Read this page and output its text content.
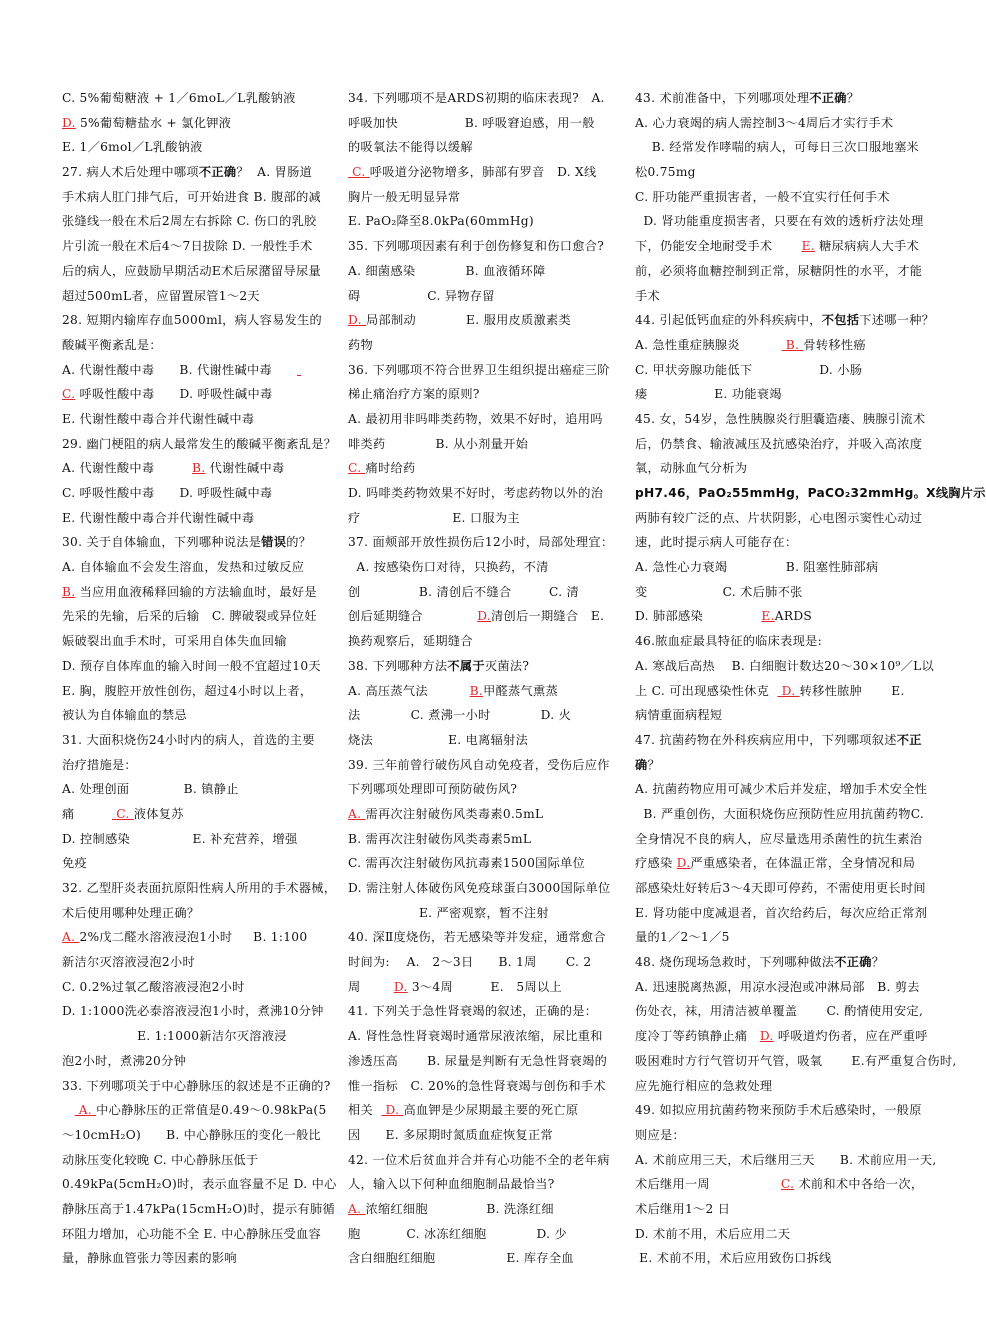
C. 5%葡萄糖液 + 1／6moL／L乳酸钠液
D. 5%葡萄糖盐水 + 氯化钾液
E. 1／6mol／L乳酸钠液
27. 病人术后处理中哪项不正确？  A. 胃肠道
手术病人肛门排气后，可开始进食 B. 腹部的减
张缝线一般在术后2周左右拆除 C. 伤口的乳胶
片引流一般在术后4～7日拔除 D. 一般性手术
后的病人，应鼓励早期活动E术后尿潴留导尿量
超过500mL者，应留置尿管1～2天
28. 短期内输库存血5000ml，病人容易发生的
酸碱平衡紊乱是：
A. 代谢性酸中毒      B. 代谢性碱中毒
C. 呼吸性酸中毒      D. 呼吸性碱中毒
E. 代谢性酸中毒合并代谢性碱中毒
29. 幽门梗阻的病人最常发生的酸碱平衡紊乱是？
A. 代谢性酸中毒         B. 代谢性碱中毒
C. 呼吸性酸中毒      D. 呼吸性碱中毒
E. 代谢性酸中毒合并代谢性碱中毒
30. 关于自体输血，下列哪种说法是错误的？
A. 自体输血不会发生溶血，发热和过敏反应
B. 当应用血液稀释回输的方法输血时，最好是
先采的先输，后采的后输   C. 脾破裂或异位妊
娠破裂出血手术时，可采用自体失血回输
D. 预存自体库血的输入时间一般不宜超过10天
E. 胸，腹腔开放性创伤，超过4小时以上者，
被认为自体输血的禁忌
31. 大面积烧伤24小时内的病人，首选的主要
治疗措施是：
A. 处理创面             B. 镇静止
痛          C. 液体复苏
D. 控制感染               E. 补充营养，增强
免疫
32. 乙型肝炎表面抗原阳性病人所用的手术器械，
术后使用哪种处理正确？
A. 2%戊二醛水溶液浸泡1小时     B. 1:100
新洁尔灭溶液浸泡2小时
C. 0.2%过氧乙酸溶液浸泡2小时
D. 1:1000洗必泰溶液浸泡1小时，煮沸10分钟
E. 1:1000新洁尔灭溶液浸
泡2小时，煮沸20分钟
33. 下列哪项关于中心静脉压的叙述是不正确的?
A. 中心静脉压的正常值是0.49～0.98kPa(5
～10cmH₂O)      B. 中心静脉压的变化一般比
动脉压变化较晚 C. 中心静脉压低于
0.49kPa(5cmH₂O)时，表示血容量不足 D. 中心
静脉压高于1.47kPa(15cmH₂O)时，提示有肺循
环阻力增加，心功能不全 E. 中心静脉压受血容
量，静脉血管张力等因素的影响
34. 下列哪项不是ARDS初期的临床表现?   A.
呼吸加快                B. 呼吸窘迫感，用一般
的吸氧法不能得以缓解
C. 呼吸道分泌物增多，肺部有罗音   D. X线
胸片一般无明显异常
E. PaO₂降至8.0kPa(60mmHg)
35. 下列哪项因素有利于创伤修复和伤口愈合?
A. 细菌感染            B. 血液循环障
碍                C. 异物存留
D. 局部制动            E. 服用皮质激素类
药物
36. 下列哪项不符合世界卫生组织提出癌症三阶
梯止痛治疗方案的原则?
A. 最初用非吗啡类药物，效果不好时，追用吗
啡类药            B. 从小剂量开始
C. 痛时给药
D. 吗啡类药物效果不好时，考虑药物以外的治
疗                      E. 口服为主
37. 面颊部开放性损伤后12小时，局部处理宜：
A. 按感染伤口对待，只换药，不清
创              B. 清创后不缝合         C. 清
创后延期缝合             D.清创后一期缝合   E.
换药观察后，延期缝合
38. 下列哪种方法不属于灭菌法?
A. 高压蒸气法          B.甲醛蒸气熏蒸
法            C. 煮沸一小时            D. 火
烧法                  E. 电离辐射法
39. 三年前曾行破伤风自动免疫者，受伤后应作
下列哪项处理即可预防破伤风?
A. 需再次注射破伤风类毒素0.5mL
B. 需再次注射破伤风类毒素5mL
C. 需再次注射破伤风抗毒素1500国际单位
D. 需注射人体破伤风免疫球蛋白3000国际单位
E. 严密观察，暂不注射
40. 深Ⅱ度烧伤，若无感染等并发症，通常愈合
时间为:    A.   2～3日      B. 1周       C. 2
周        D. 3～4周         E.   5周以上
41. 下列关于急性肾衰竭的叙述，正确的是：
A. 肾性急性肾衰竭时通常尿液浓缩，尿比重和
渗透压高       B. 尿量是判断有无急性肾衰竭的
惟一指标   C. 20%的急性肾衰竭与创伤和手术
相关   D. 高血钾是少尿期最主要的死亡原
因      E. 多尿期时氮质血症恢复正常
42. 一位术后贫血并合并有心功能不全的老年病
人，输入以下何种血细胞制品最恰当?
A. 浓缩红细胞              B. 洗涤红细
胞           C. 冰冻红细胞            D. 少
含白细胞红细胞                 E. 库存全血
43. 术前准备中，下列哪项处理不正确？
A. 心力衰竭的病人需控制3～4周后才实行手术
B. 经常发作哮喘的病人，可每日三次口服地塞米
松0.75mg
C. 肝功能严重损害者，一般不宜实行任何手术
D. 肾功能重度损害者，只要在有效的透析疗法处理
下，仍能安全地耐受手术       E. 糖尿病病人大手术
前，必须将血糖控制到正常，尿糖阴性的水平，才能
手术
44. 引起低钙血症的外科疾病中，不包括下述哪一种？
A. 急性重症胰腺炎           B. 骨转移性癌
C. 甲状旁腺功能低下                D. 小肠
瘘                E. 功能衰竭
45. 女，54岁，急性胰腺炎行胆囊造瘘、胰腺引流术
后，仍禁食、输液减压及抗感染治疗，并吸入高浓度
氧，动脉血气分析为
pH7.46，PaO₂55mmHg，PaCO₂32mmHg。X线胸片示
两肺有较广泛的点、片状阴影，心电图示窦性心动过
速，此时提示病人可能存在：
A. 急性心力衰竭              B. 阻塞性肺部病
变                  C. 术后肺不张
D. 肺部感染              E.ARDS
46.脓血症最具特征的临床表现是:
A. 寒战后高热    B. 白细胞计数达20～30×10⁹／L以
上 C. 可出现感染性休克   D. 转移性脓肿       E.
病情重面病程短
47. 抗菌药物在外科疾病应用中，下列哪项叙述不正
确？
A. 抗菌药物应用可减少术后并发症，增加手术安全性
B. 严重创伤，大面积烧伤应预防性应用抗菌药物C.
全身情况不良的病人，应尽量选用杀菌性的抗生素治
疗感染 D.严重感染者，在体温正常，全身情况和局
部感染灶好转后3～4天即可停药，不需使用更长时间
E. 肾功能中度减退者，首次给药后，每次应给正常剂
量的1／2～1／5
48. 烧伤现场急救时，下列哪种做法不正确？
A. 迅速脱离热源，用凉水浸泡或冲淋局部   B. 剪去
伤处衣，袜，用清洁被单覆盖       C. 酌情使用安定,
度冷丁等药镇静止痛   D. 呼吸道灼伤者，应在严重呼
吸困难时方行气管切开气管，吸氧       E.有严重复合伤时,
应先施行相应的急救处理
49. 如拟应用抗菌药物来预防手术后感染时，一般原
则应是：
A. 术前应用三天，术后继用三天      B. 术前应用一天,
术后继用一周                 C. 术前和术中各给一次，
术后继用1～2 日
D. 术前不用，术后应用二天
E. 术前不用，术后应用致伤口拆线
